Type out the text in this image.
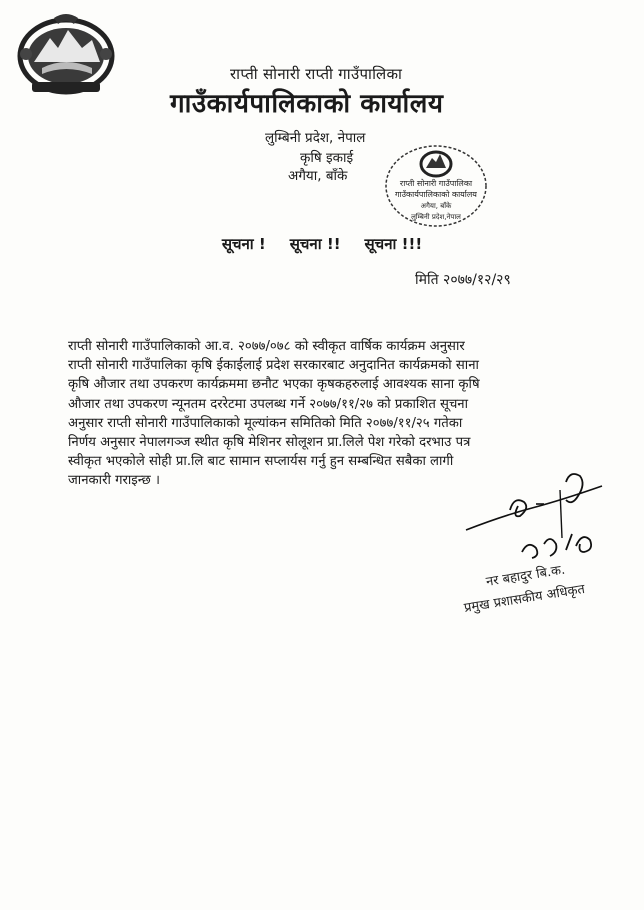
राप्ती सोनारी राप्ती गाउँपालिका
गाउँकार्यपालिकाको कार्यालय
लुम्बिनी प्रदेश, नेपाल
कृषि इकाई
अगैया, बाँके	राप्ती सोनारी गाउँपालिका
गाउँकार्यपालिकाको कार्यालय
अगैया, बाँके
लुम्बिनी प्रदेश,नेपाल
सूचना ! सूचना !! सूचना !!!
मिति २०७७/१२/२९
राप्ती सोनारी गाउँपालिकाको आ.व. २०७७/०७८ को स्वीकृत वार्षिक कार्यक्रम अनुसार
राप्ती सोनारी गाउँपालिका कृषि ईकाईलाई प्रदेश सरकारबाट अनुदानित कार्यक्रमको साना
कृषि औजार तथा उपकरण कार्यक्रममा छनौट भएका कृषकहरुलाई आवश्यक साना कृषि
औजार तथा उपकरण न्यूनतम दररेटमा उपलब्ध गर्ने २०७७/११/२७ को प्रकाशित सूचना
अनुसार राप्ती सोनारी गाउँपालिकाको मूल्यांकन समितिको मिति २०७७/११/२५ गतेका
निर्णय अनुसार नेपालगञ्ज स्थीत कृषि मेशिनर सोलूशन प्रा.लिले पेश गरेको दरभाउ पत्र
स्वीकृत भएकोले सोही प्रा.लि बाट सामान सप्लार्यस गर्नु हुन सम्बन्धित सबैका लागी
जानकारी गराइन्छ ।
नर बहादुर बि.क.
प्रमुख प्रशासकीय अधिकृत
